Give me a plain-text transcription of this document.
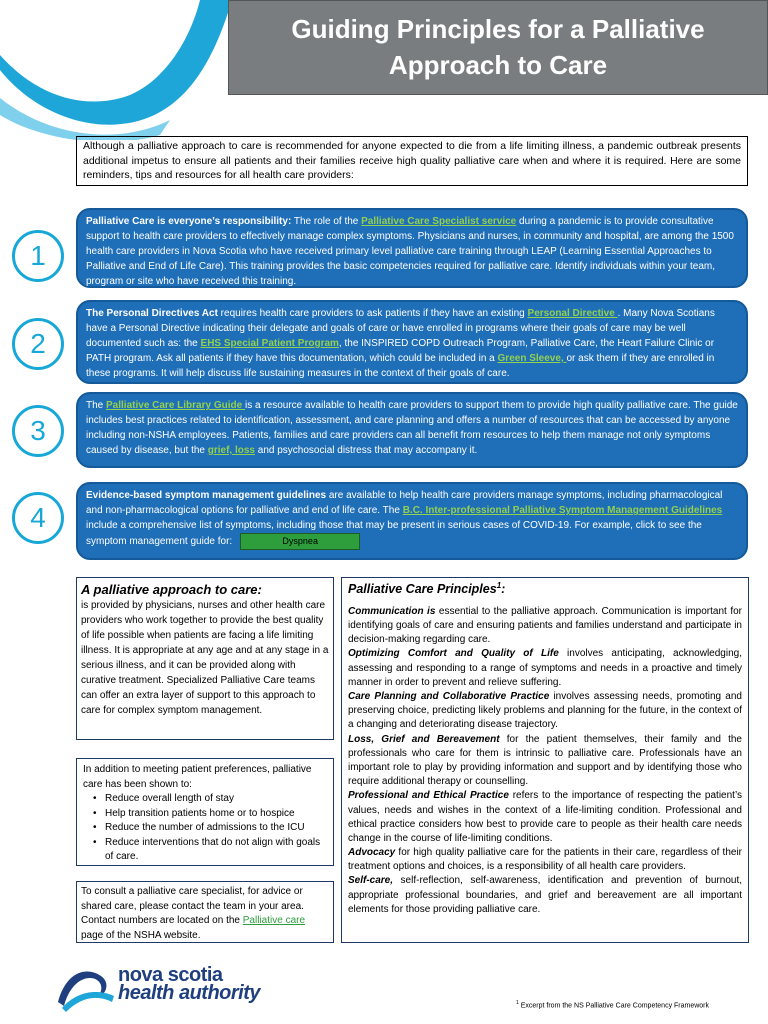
Guiding Principles for a Palliative Approach to Care
Although a palliative approach to care is recommended for anyone expected to die from a life limiting illness, a pandemic outbreak presents additional impetus to ensure all patients and their families receive high quality palliative care when and where it is required. Here are some reminders, tips and resources for all health care providers:
1
Palliative Care is everyone’s responsibility: The role of the Palliative Care Specialist service during a pandemic is to provide consultative support to health care providers to effectively manage complex symptoms. Physicians and nurses, in community and hospital, are among the 1500 health care providers in Nova Scotia who have received primary level palliative care training through LEAP (Learning Essential Approaches to Palliative and End of Life Care). This training provides the basic competencies required for palliative care. Identify individuals within your team, program or site who have received this training.
2
The Personal Directives Act requires health care providers to ask patients if they have an existing Personal Directive . Many Nova Scotians have a Personal Directive indicating their delegate and goals of care or have enrolled in programs where their goals of care may be well documented such as: the EHS Special Patient Program, the INSPIRED COPD Outreach Program, Palliative Care, the Heart Failure Clinic or PATH program. Ask all patients if they have this documentation, which could be included in a Green Sleeve, or ask them if they are enrolled in these programs. It will help discuss life sustaining measures in the context of their goals of care.
3
The Palliative Care Library Guide is a resource available to health care providers to support them to provide high quality palliative care. The guide includes best practices related to identification, assessment, and care planning and offers a number of resources that can be accessed by anyone including non-NSHA employees. Patients, families and care providers can all benefit from resources to help them manage not only symptoms caused by disease, but the grief, loss and psychosocial distress that may accompany it.
4
Evidence-based symptom management guidelines are available to help health care providers manage symptoms, including pharmacological and non-pharmacological options for palliative and end of life care. The B.C. Inter-professional Palliative Symptom Management Guidelines include a comprehensive list of symptoms, including those that may be present in serious cases of COVID-19. For example, click to see the symptom management guide for:	Dyspnea
A palliative approach to care:

is provided by physicians, nurses and other health care providers who work together to provide the best quality of life possible when patients are facing a life limiting illness. It is appropriate at any age and at any stage in a serious illness, and it can be provided along with curative treatment. Specialized Palliative Care teams can offer an extra layer of support to this approach to care for complex symptom management.

In addition to meeting patient preferences, palliative care has been shown to:

• Reduce overall length of stay
• Help transition patients home or to hospice
• Reduce the number of admissions to the ICU
• Reduce interventions that do not align with goals of care.
To consult a palliative care specialist, for advice or shared care, please contact the team in your area. Contact numbers are located on the Palliative care page of the NSHA website.
Palliative Care Principles$^1$:

Communication is essential to the palliative approach. Communication is important for identifying goals of care and ensuring patients and families understand and participate in decision-making regarding care.

Optimizing Comfort and Quality of Life involves anticipating, acknowledging, assessing and responding to a range of symptoms and needs in a proactive and timely manner in order to prevent and relieve suffering.

Care Planning and Collaborative Practice involves assessing needs, promoting and preserving choice, predicting likely problems and planning for the future, in the context of a changing and deteriorating disease trajectory.

Loss, Grief and Bereavement for the patient themselves, their family and the professionals who care for them is intrinsic to palliative care. Professionals have an important role to play by providing information and support and by identifying those who require additional therapy or counselling.

Professional and Ethical Practice refers to the importance of respecting the patient’s values, needs and wishes in the context of a life-limiting condition. Professional and ethical practice considers how best to provide care to people as their health care needs change in the course of life-limiting conditions.

Advocacy for high quality palliative care for the patients in their care, regardless of their treatment options and choices, is a responsibility of all health care providers.

Self-care, self-reflection, self-awareness, identification and prevention of burnout, appropriate professional boundaries, and grief and bereavement are all important elements for those providing palliative care.

nova scotia
health authority	$^1$ Excerpt from the NS Palliative Care Competency Framework
